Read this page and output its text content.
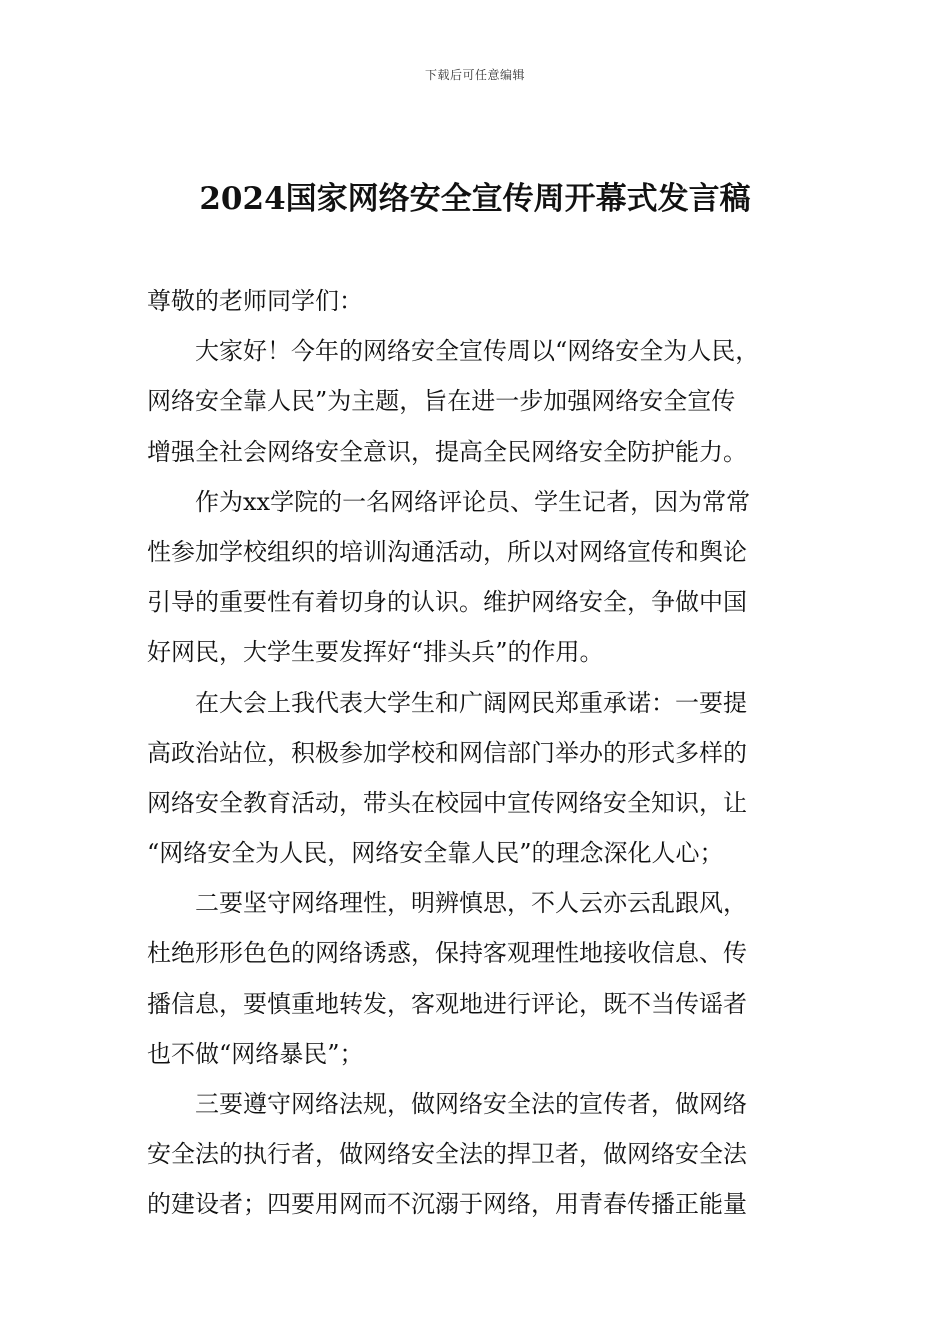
下载后可任意编辑
2024国家网络安全宣传周开幕式发言稿
尊敬的老师同学们：
大家好！今年的网络安全宣传周以“网络安全为人民，
网络安全靠人民”为主题，旨在进一步加强网络安全宣传
增强全社会网络安全意识，提高全民网络安全防护能力。
作为xx学院的一名网络评论员、学生记者，因为常常
性参加学校组织的培训沟通活动，所以对网络宣传和舆论
引导的重要性有着切身的认识。维护网络安全，争做中国
好网民，大学生要发挥好“排头兵”的作用。
在大会上我代表大学生和广阔网民郑重承诺：一要提
高政治站位，积极参加学校和网信部门举办的形式多样的
网络安全教育活动，带头在校园中宣传网络安全知识，让
“网络安全为人民，网络安全靠人民”的理念深化人心；
二要坚守网络理性，明辨慎思，不人云亦云乱跟风，
杜绝形形色色的网络诱惑，保持客观理性地接收信息、传
播信息，要慎重地转发，客观地进行评论，既不当传谣者
也不做“网络暴民”；
三要遵守网络法规，做网络安全法的宣传者，做网络
安全法的执行者，做网络安全法的捍卫者，做网络安全法
的建设者；四要用网而不沉溺于网络，用青春传播正能量
